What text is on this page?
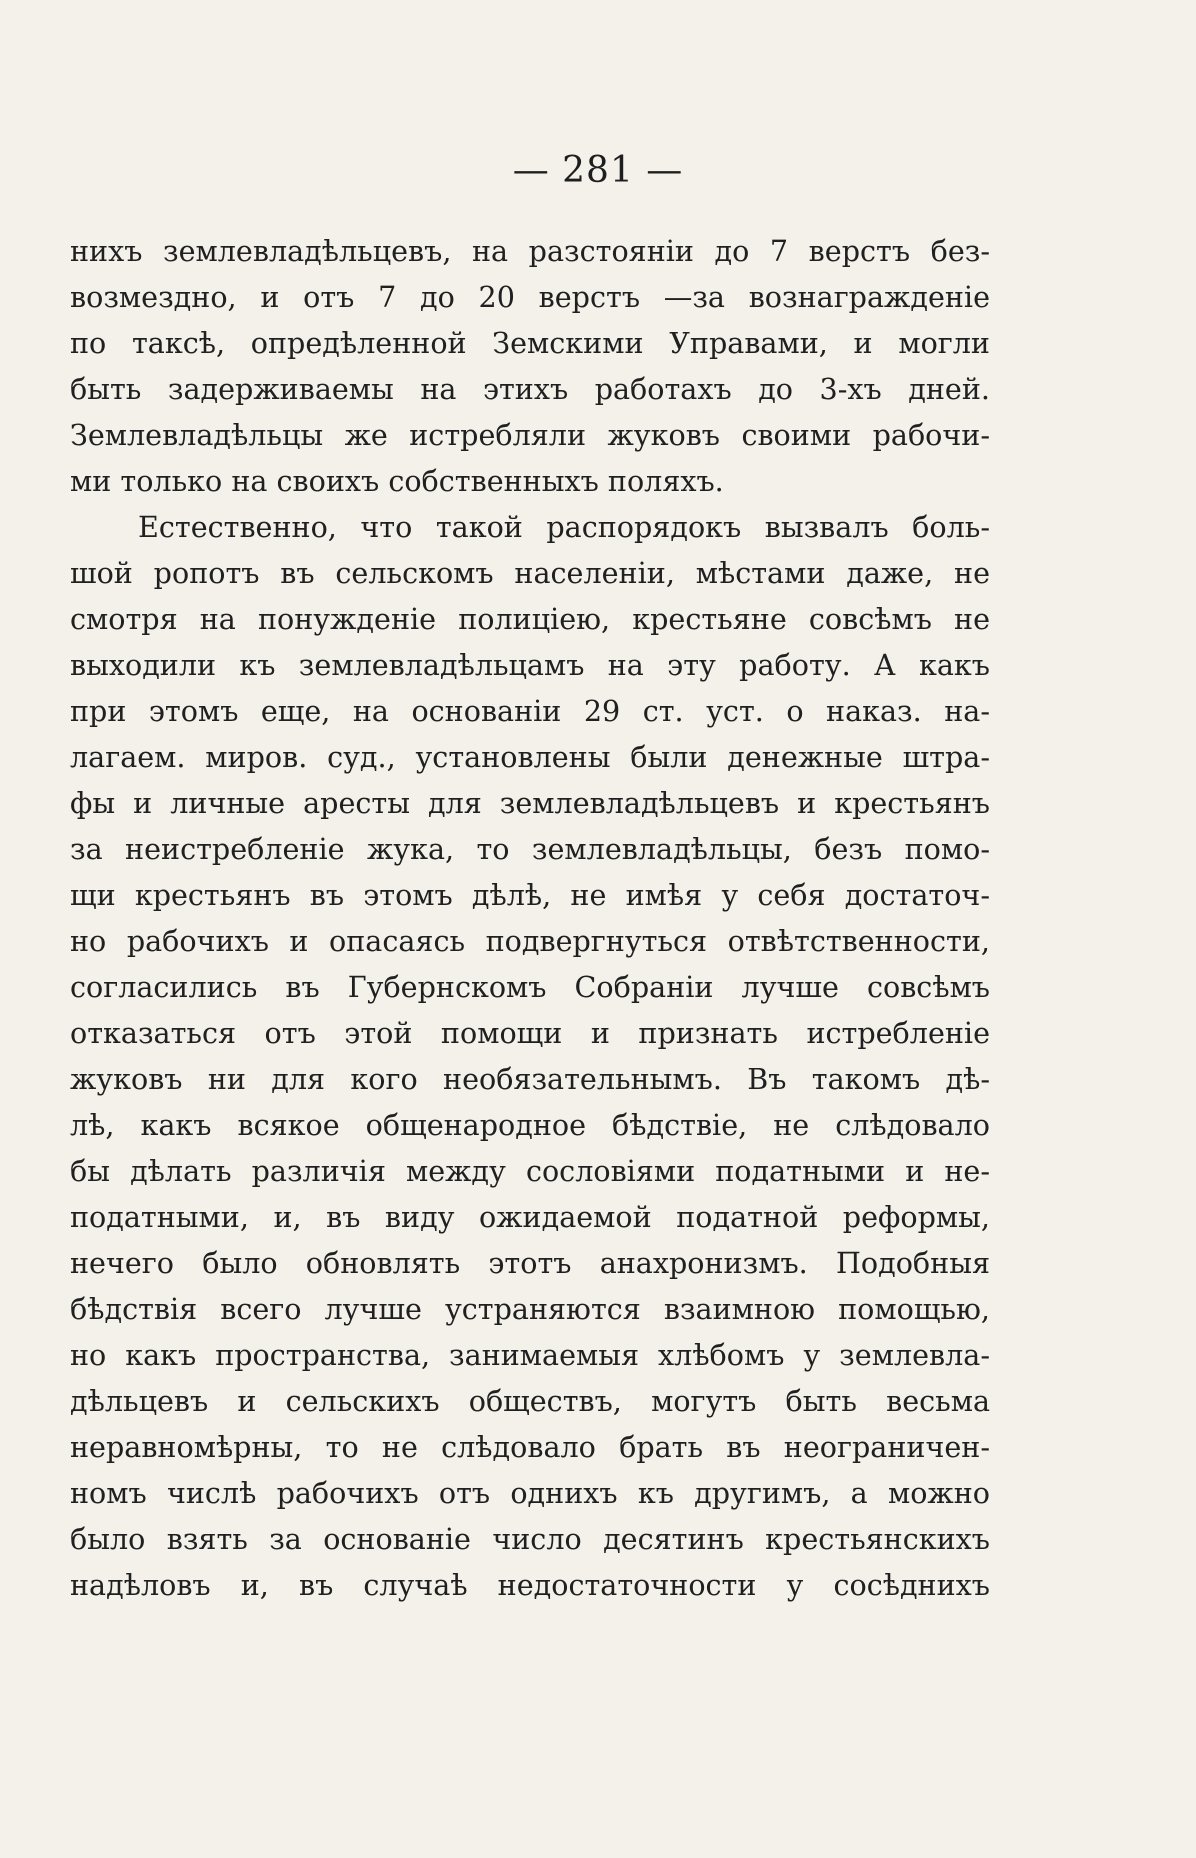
— 281 —
нихъ землевладѣльцевъ, на разстояніи до 7 верстъ без-
возмездно, и отъ 7 до 20 верстъ —за вознагражденіе
по таксѣ, опредѣленной Земскими Управами, и могли
быть задерживаемы на этихъ работахъ до 3-хъ дней.
Землевладѣльцы же истребляли жуковъ своими рабочи-
ми только на своихъ собственныхъ поляхъ.
Естественно, что такой распорядокъ вызвалъ боль-
шой ропотъ въ сельскомъ населеніи, мѣстами даже, не
смотря на понужденіе полиціею, крестьяне совсѣмъ не
выходили къ землевладѣльцамъ на эту работу. А какъ
при этомъ еще, на основаніи 29 ст. уст. о наказ. на-
лагаем. миров. суд., установлены были денежные штра-
фы и личные аресты для землевладѣльцевъ и крестьянъ
за неистребленіе жука, то землевладѣльцы, безъ помо-
щи крестьянъ въ этомъ дѣлѣ, не имѣя у себя достаточ-
но рабочихъ и опасаясь подвергнуться отвѣтственности,
согласились въ Губернскомъ Собраніи лучше совсѣмъ
отказаться отъ этой помощи и признать истребленіе
жуковъ ни для кого необязательнымъ. Въ такомъ дѣ-
лѣ, какъ всякое общенародное бѣдствіе, не слѣдовало
бы дѣлать различія между сословіями податными и не-
податными, и, въ виду ожидаемой податной реформы,
нечего было обновлять этотъ анахронизмъ. Подобныя
бѣдствія всего лучше устраняются взаимною помощью,
но какъ пространства, занимаемыя хлѣбомъ у землевла-
дѣльцевъ и сельскихъ обществъ, могутъ быть весьма
неравномѣрны, то не слѣдовало брать въ неограничен-
номъ числѣ рабочихъ отъ однихъ къ другимъ, а можно
было взять за основаніе число десятинъ крестьянскихъ
надѣловъ и, въ случаѣ недостаточности у сосѣднихъ
